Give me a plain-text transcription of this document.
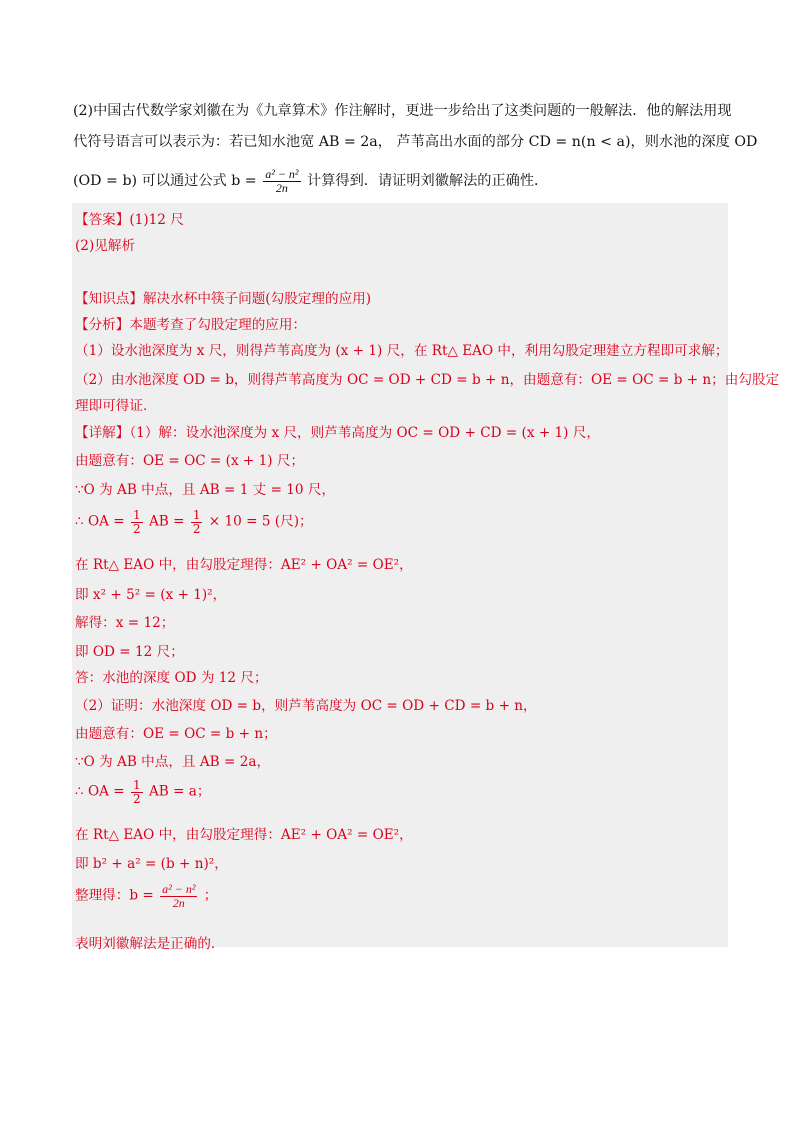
(2)中国古代数学家刘徽在为《九章算术》作注解时，更进一步给出了这类问题的一般解法．他的解法用现
代符号语言可以表示为：若已知水池宽 AB = 2a， 芦苇高出水面的部分 CD = n(n < a)，则水池的深度 OD
(OD = b) 可以通过公式 $b = \frac{\text{a² − n²}}{2n}$ 计算得到．请证明刘徽解法的正确性．
【答案】(1)12 尺
(2)见解析
【知识点】解决水杯中筷子问题(勾股定理的应用)
【分析】本题考查了勾股定理的应用：
（1）设水池深度为 x 尺，则得芦苇高度为 (x + 1) 尺，在 Rt△ EAO 中，利用勾股定理建立方程即可求解；
（2）由水池深度 OD = b，则得芦苇高度为 OC = OD + CD = b + n，由题意有：OE = OC = b + n；由勾股定
理即可得证．
【详解】（1）解：设水池深度为 x 尺，则芦苇高度为 OC = OD + CD = (x + 1) 尺，
由题意有：OE = OC = (x + 1) 尺；
∵O 为 AB 中点，且 AB = 1 丈 = 10 尺，
∴ OA = $\frac{1}{2}$ AB = $\frac{1}{2} \times 10 = 5$ (尺)；
在 Rt△ EAO 中，由勾股定理得：AE² + OA² = OE²，
即 x² + 5² = (x + 1)²，
解得：x = 12；
即 OD = 12 尺；
答：水池的深度 OD 为 12 尺；
（2）证明：水池深度 OD = b，则芦苇高度为 OC = OD + CD = b + n，
由题意有：OE = OC = b + n；
∵O 为 AB 中点，且 AB = 2a，
∴ OA = $\frac{1}{2}$ AB = a；
在 Rt△ EAO 中，由勾股定理得：AE² + OA² = OE²，
即 b² + a² = (b + n)²，
整理得：$b = \frac{\text{a² − n²}}{2n}$ ；
表明刘徽解法是正确的．
